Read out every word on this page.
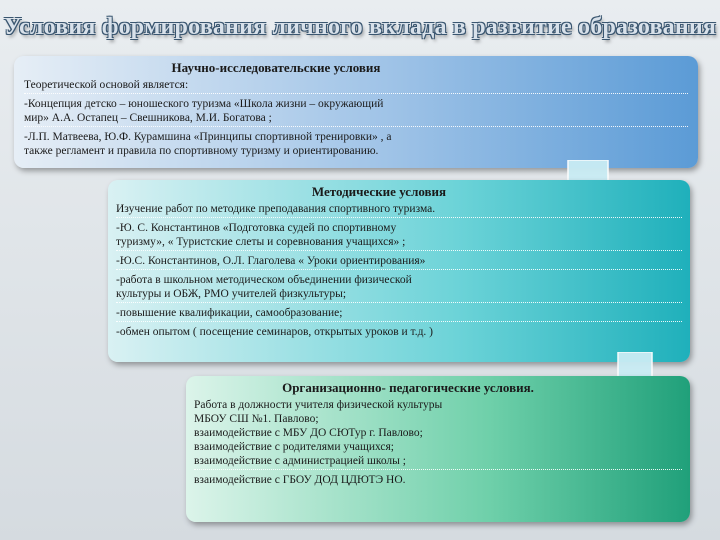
Условия формирования личного вклада в развитие образования
Научно-исследовательские условия
Теоретической основой является:
-Концепция детско – юношеского туризма «Школа жизни – окружающий
мир» А.А. Остапец – Свешникова, М.И. Богатова ;
-Л.П. Матвеева, Ю.Ф. Курамшина «Принципы спортивной тренировки» , а
также регламент и правила по спортивному туризму и ориентированию.
Методические условия
Изучение работ по методике преподавания спортивного туризма.
-Ю. С. Константинов «Подготовка судей по спортивному
туризму», « Туристские слеты и соревнования учащихся» ;
-Ю.С. Константинов, О.Л. Глаголева « Уроки ориентирования»
-работа в школьном методическом объединении физической
культуры и ОБЖ, РМО учителей физкультуры;
-повышение квалификации, самообразование;
-обмен опытом ( посещение семинаров, открытых уроков и т.д. )
Организационно- педагогические условия.
Работа в должности учителя физической культуры
МБОУ СШ №1. Павлово;
взаимодействие с МБУ ДО СЮТур г. Павлово;
взаимодействие с родителями учащихся;
взаимодействие с администрацией школы ;
взаимодействие с ГБОУ ДОД ЦДЮТЭ НО.
